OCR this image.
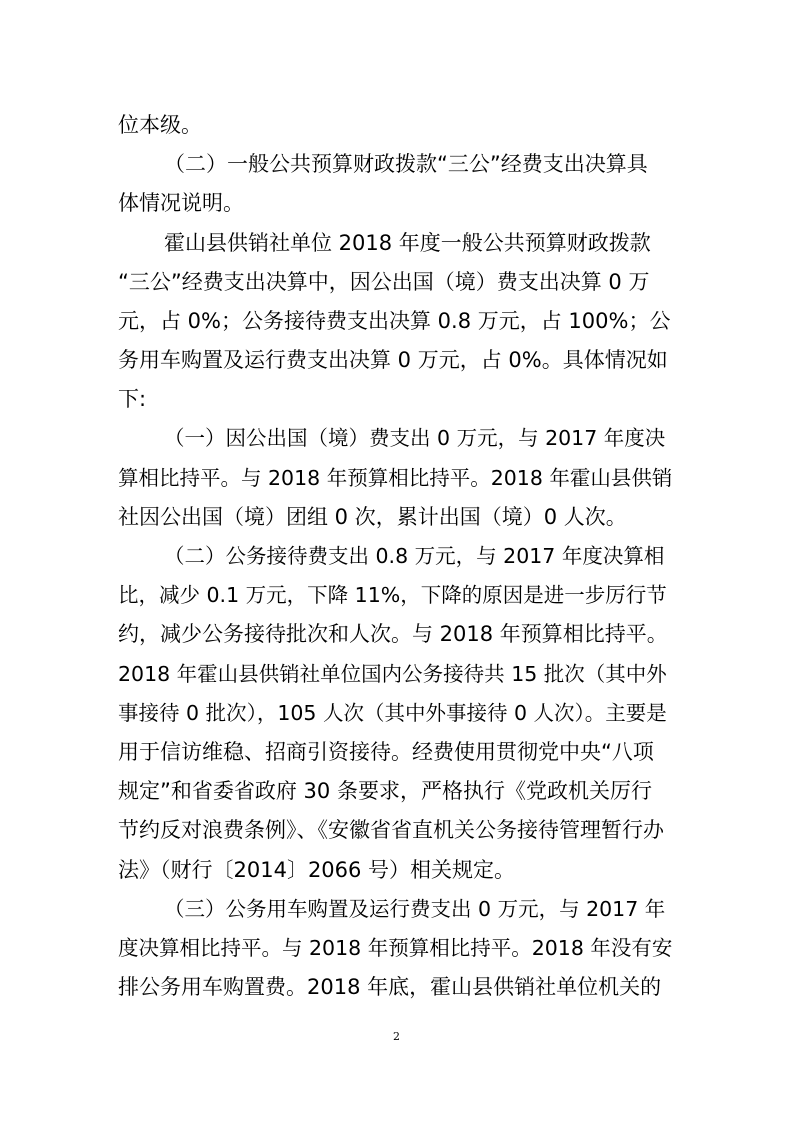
位本级。
（二）一般公共预算财政拨款“三公”经费支出决算具
体情况说明。
霍山县供销社单位 2018 年度一般公共预算财政拨款
“三公”经费支出决算中，因公出国（境）费支出决算 0 万
元，占 0%；公务接待费支出决算 0.8 万元，占 100%；公
务用车购置及运行费支出决算 0 万元，占 0%。具体情况如
下:
（一）因公出国（境）费支出 0 万元，与 2017 年度决
算相比持平。与 2018 年预算相比持平。2018 年霍山县供销
社因公出国（境）团组 0 次，累计出国（境）0 人次。
（二）公务接待费支出 0.8 万元，与 2017 年度决算相
比，减少 0.1 万元，下降 11%，下降的原因是进一步厉行节
约，减少公务接待批次和人次。与 2018 年预算相比持平。
2018 年霍山县供销社单位国内公务接待共 15 批次（其中外
事接待 0 批次），105 人次（其中外事接待 0 人次）。主要是
用于信访维稳、招商引资接待。经费使用贯彻党中央“八项
规定”和省委省政府 30 条要求，严格执行《党政机关厉行
节约反对浪费条例》、《安徽省省直机关公务接待管理暂行办
法》（财行〔2014〕2066 号）相关规定。
（三）公务用车购置及运行费支出 0 万元，与 2017 年
度决算相比持平。与 2018 年预算相比持平。2018 年没有安
排公务用车购置费。2018 年底，霍山县供销社单位机关的
2
